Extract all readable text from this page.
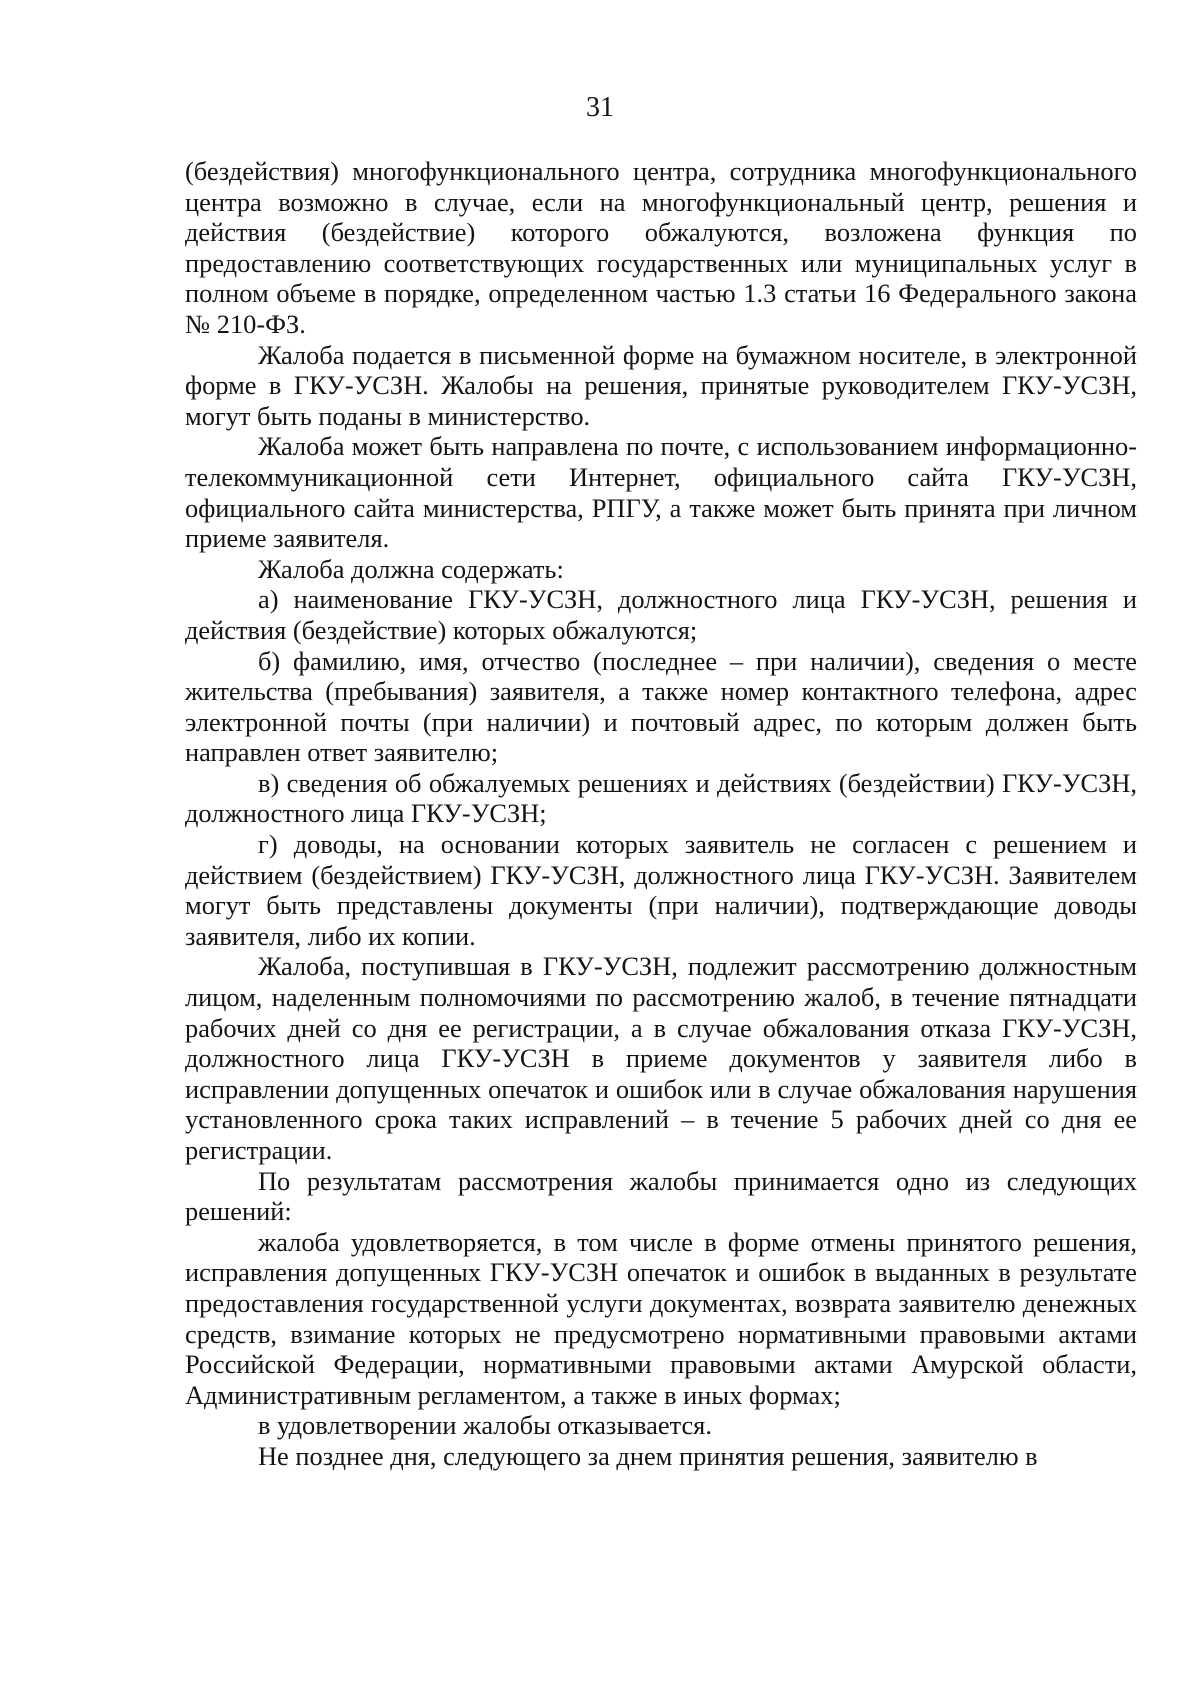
31

(бездействия) многофункционального центра, сотрудника многофункционального центра возможно в случае, если на многофункциональный центр, решения и действия (бездействие) которого обжалуются, возложена функция по предоставлению соответствующих государственных или муниципальных услуг в полном объеме в порядке, определенном частью 1.3 статьи 16 Федерального закона № 210-ФЗ.

Жалоба подается в письменной форме на бумажном носителе, в электронной форме в ГКУ-УСЗН. Жалобы на решения, принятые руководителем ГКУ-УСЗН, могут быть поданы в министерство.

Жалоба может быть направлена по почте, с использованием информационно-телекоммуникационной сети Интернет, официального сайта ГКУ-УСЗН, официального сайта министерства, РПГУ, а также может быть принята при личном приеме заявителя.

Жалоба должна содержать:

а) наименование ГКУ-УСЗН, должностного лица ГКУ-УСЗН, решения и действия (бездействие) которых обжалуются;

б) фамилию, имя, отчество (последнее – при наличии), сведения о месте жительства (пребывания) заявителя, а также номер контактного телефона, адрес электронной почты (при наличии) и почтовый адрес, по которым должен быть направлен ответ заявителю;

в) сведения об обжалуемых решениях и действиях (бездействии) ГКУ-УСЗН, должностного лица ГКУ-УСЗН;

г) доводы, на основании которых заявитель не согласен с решением и действием (бездействием) ГКУ-УСЗН, должностного лица ГКУ-УСЗН. Заявителем могут быть представлены документы (при наличии), подтверждающие доводы заявителя, либо их копии.

Жалоба, поступившая в ГКУ-УСЗН, подлежит рассмотрению должностным лицом, наделенным полномочиями по рассмотрению жалоб, в течение пятнадцати рабочих дней со дня ее регистрации, а в случае обжалования отказа ГКУ-УСЗН, должностного лица ГКУ-УСЗН в приеме документов у заявителя либо в исправлении допущенных опечаток и ошибок или в случае обжалования нарушения установленного срока таких исправлений – в течение 5 рабочих дней со дня ее регистрации.

По результатам рассмотрения жалобы принимается одно из следующих решений:

жалоба удовлетворяется, в том числе в форме отмены принятого решения, исправления допущенных ГКУ-УСЗН опечаток и ошибок в выданных в результате предоставления государственной услуги документах, возврата заявителю денежных средств, взимание которых не предусмотрено нормативными правовыми актами Российской Федерации, нормативными правовыми актами Амурской области, Административным регламентом, а также в иных формах;

в удовлетворении жалобы отказывается.

Не позднее дня, следующего за днем принятия решения, заявителю в
